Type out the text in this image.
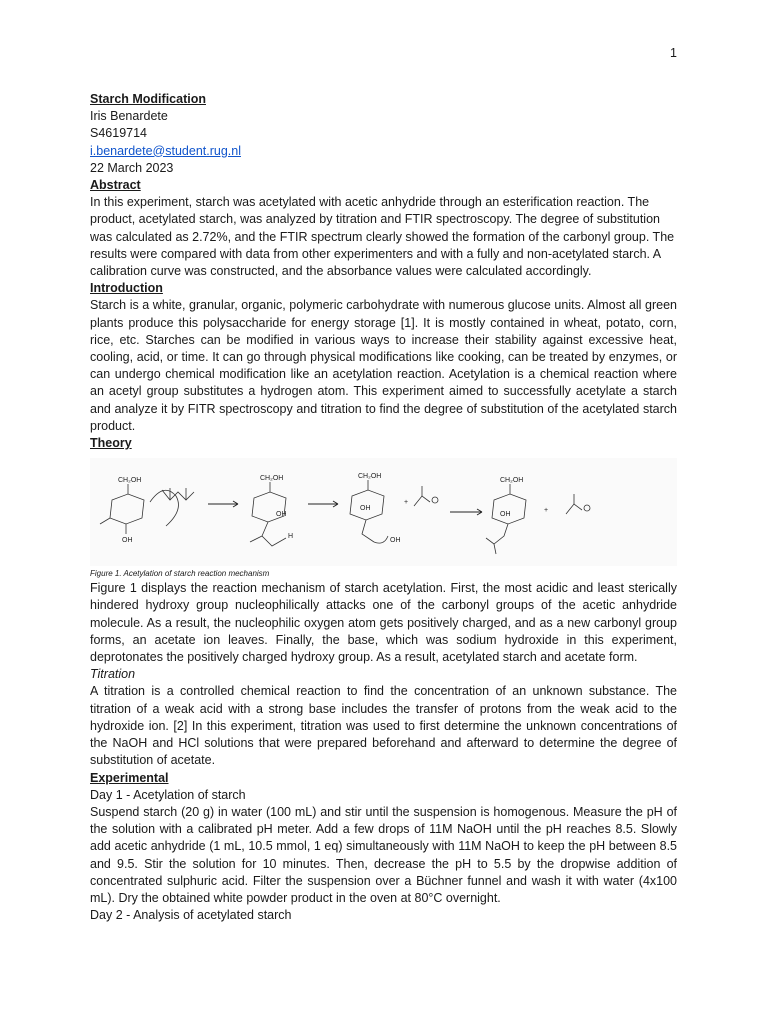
1
Starch Modification
Iris Benardete
S4619714
i.benardete@student.rug.nl
22 March 2023
Abstract

In this experiment, starch was acetylated with acetic anhydride through an esterification reaction. The product, acetylated starch, was analyzed by titration and FTIR spectroscopy. The degree of substitution was calculated as 2.72%, and the FTIR spectrum clearly showed the formation of the carbonyl group. The results were compared with data from other experimenters and with a fully and non-acetylated starch. A calibration curve was constructed, and the absorbance values were calculated accordingly.

Introduction

Starch is a white, granular, organic, polymeric carbohydrate with numerous glucose units. Almost all green plants produce this polysaccharide for energy storage [1]. It is mostly contained in wheat, potato, corn, rice, etc. Starches can be modified in various ways to increase their stability against excessive heat, cooling, acid, or time. It can go through physical modifications like cooking, can be treated by enzymes, or can undergo chemical modification like an acetylation reaction. Acetylation is a chemical reaction where an acetyl group substitutes a hydrogen atom. This experiment aimed to successfully acetylate a starch and analyze it by FITR spectroscopy and titration to find the degree of substitution of the acetylated starch product.

Theory
CH₂OH
OH
CH₂OH
OH
H
CH₂OH
OH
OH
+
CH₂OH
OH
+
Figure 1. Acetylation of starch reaction mechanism

Figure 1 displays the reaction mechanism of starch acetylation. First, the most acidic and least sterically hindered hydroxy group nucleophilically attacks one of the carbonyl groups of the acetic anhydride molecule. As a result, the nucleophilic oxygen atom gets positively charged, and as a new carbonyl group forms, an acetate ion leaves. Finally, the base, which was sodium hydroxide in this experiment, deprotonates the positively charged hydroxy group. As a result, acetylated starch and acetate form.

Titration

A titration is a controlled chemical reaction to find the concentration of an unknown substance. The titration of a weak acid with a strong base includes the transfer of protons from the weak acid to the hydroxide ion. [2] In this experiment, titration was used to first determine the unknown concentrations of the NaOH and HCl solutions that were prepared beforehand and afterward to determine the degree of substitution of acetate.

Experimental
Day 1 - Acetylation of starch

Suspend starch (20 g) in water (100 mL) and stir until the suspension is homogenous. Measure the pH of the solution with a calibrated pH meter. Add a few drops of 11M NaOH until the pH reaches 8.5. Slowly add acetic anhydride (1 mL, 10.5 mmol, 1 eq) simultaneously with 11M NaOH to keep the pH between 8.5 and 9.5. Stir the solution for 10 minutes. Then, decrease the pH to 5.5 by the dropwise addition of concentrated sulphuric acid. Filter the suspension over a Büchner funnel and wash it with water (4x100 mL). Dry the obtained white powder product in the oven at 80°C overnight.

Day 2 - Analysis of acetylated starch
